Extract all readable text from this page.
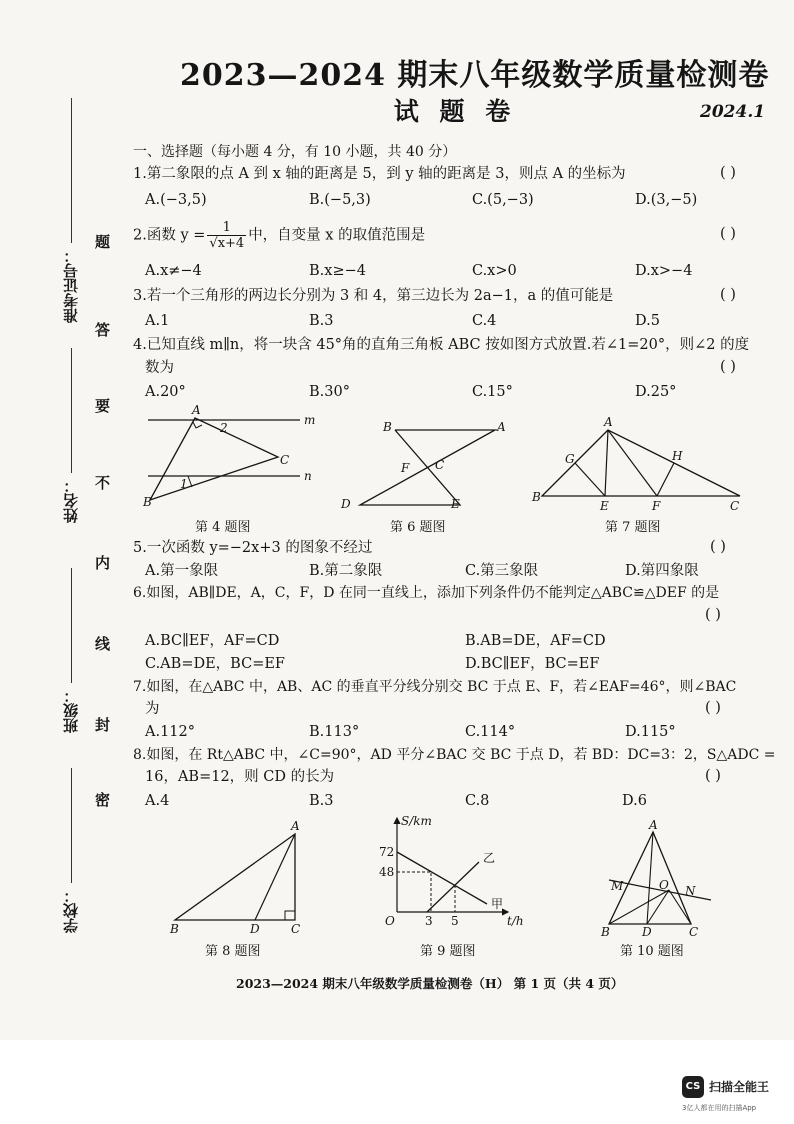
准考证号：
姓名：
班级：
学校：
题
答
要
不
内
线
封
密
2023—2024 期末八年级数学质量检测卷
试 题 卷	2024.1
一、选择题（每小题 4 分，有 10 小题，共 40 分）
1.第二象限的点 A 到 x 轴的距离是 5，到 y 轴的距离是 3，则点 A 的坐标为	( )
A.(−3,5)	B.(−5,3)	C.(5,−3)	D.(3,−5)
2.函数 $y = \frac{1}{√x+4}$ 中，自变量 x 的取值范围是	( )
A.x≠−4	B.x≥−4	C.x>0	D.x>−4
3.若一个三角形的两边长分别为 3 和 4，第三边长为 2a−1，a 的值可能是	( )
A.1	B.3	C.4	D.5
4.已知直线 m∥n，将一块含 45°角的直角三角板 ABC 按如图方式放置.若∠1=20°，则∠2 的度
数为	( )
A.20°	B.30°	C.15°	D.25°
A
2
m
C
1
n
B
第 4 题图
B	A
C
F
D	E
第 6 题图
A
G	H
B
E	F	C
第 7 题图
5.一次函数 y=−2x+3 的图象不经过	( )
A.第一象限	B.第二象限	C.第三象限	D.第四象限
6.如图，AB∥DE，A，C，F，D 在同一直线上，添加下列条件仍不能判定△ABC≌△DEF 的是
( )
A.BC∥EF，AF=CD	B.AB=DE，AF=CD
C.AB=DE，BC=EF	D.BC∥EF，BC=EF
7.如图，在△ABC 中，AB、AC 的垂直平分线分别交 BC 于点 E、F，若∠EAF=46°，则∠BAC
为	( )
A.112°	B.113°	C.114°	D.115°
8.如图，在 Rt△ABC 中，∠C=90°，AD 平分∠BAC 交 BC 于点 D，若 BD：DC=3：2，S△ADC =
16，AB=12，则 CD 的长为	( )
A.4	B.3	C.8	D.6
A
B	D	C
第 8 题图
S/km
72
48
O	3 5	t/h
乙
甲
第 9 题图
A
M	O N
B	D	C
第 10 题图
2023—2024 期末八年级数学质量检测卷（H） 第 1 页（共 4 页）
CS 扫描全能王
3亿人都在用的扫描App
